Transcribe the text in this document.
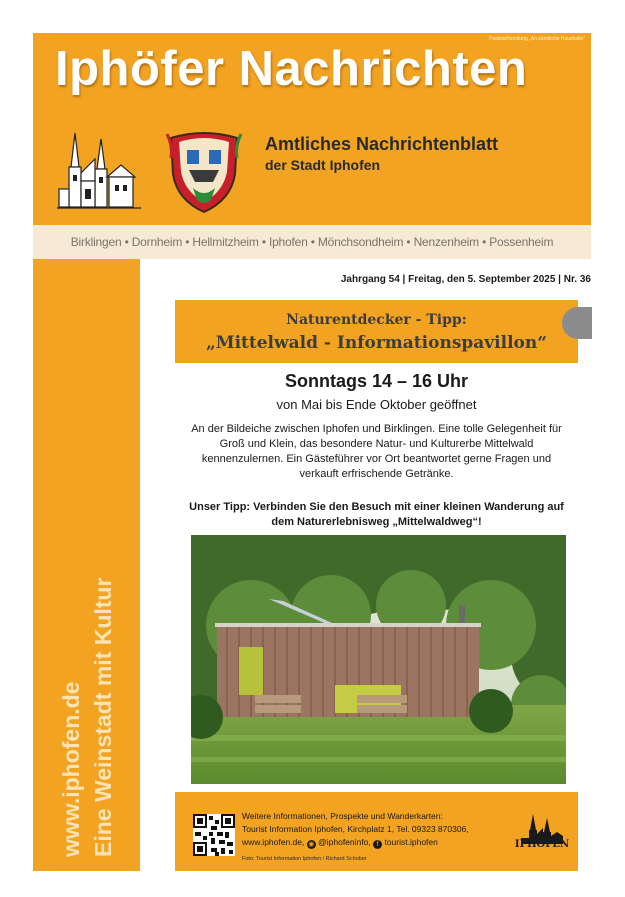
Postwurfsendung „An sämtliche Haushalte“
Iphöfer Nachrichten
Amtliches Nachrichtenblatt
der Stadt Iphofen
Birklingen • Dornheim • Hellmitzheim • Iphofen • Mönchsondheim • Nenzenheim • Possenheim
www.iphofen.de Eine Weinstadt mit Kultur
Jahrgang 54 | Freitag, den 5. September 2025 | Nr. 36
Naturentdecker - Tipp:
„Mittelwald - Informationspavillon“
Sonntags 14 – 16 Uhr
von Mai bis Ende Oktober geöffnet
An der Bildeiche zwischen Iphofen und Birklingen. Eine tolle Gelegenheit für Groß und Klein, das besondere Natur- und Kulturerbe Mittelwald kennenzulernen. Ein Gästeführer vor Ort beantwortet gerne Fragen und verkauft erfrischende Getränke.
Unser Tipp: Verbinden Sie den Besuch mit einer kleinen Wanderung auf dem Naturerlebnisweg „Mittelwaldweg“!
Weitere Informationen, Prospekte und Wanderkarten:
Tourist Information Iphofen, Kirchplatz 1, Tel. 09323 870306,
www.iphofen.de, ◉ @iphofeninfo, f tourist.iphofen
Foto: Tourist Information Iphofen / Richard Schober
IPHOFEN
